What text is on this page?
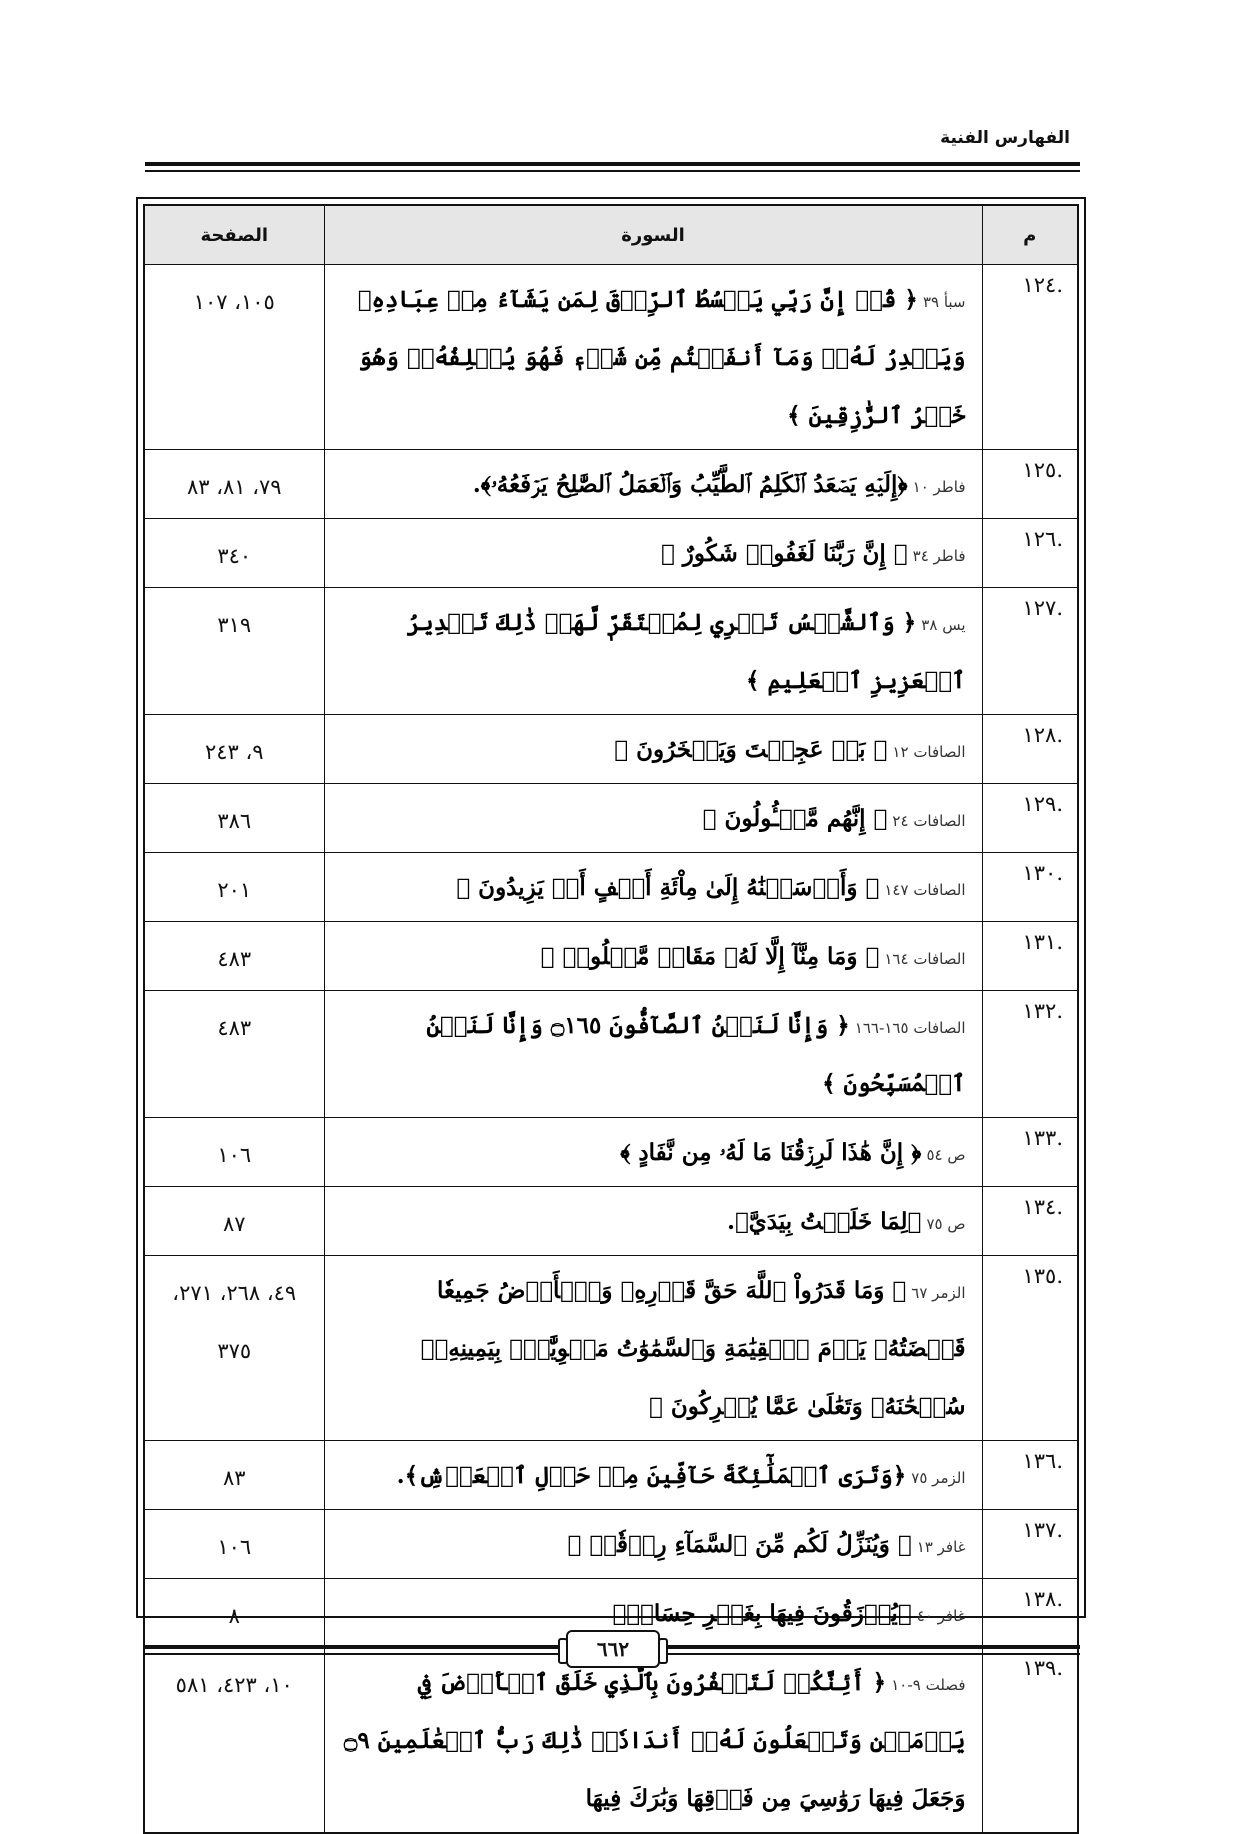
الفهارس الفنية
م	السورة	الصفحة
.١٢٤	سبأ ٣٩ ﴿ قُلۡ إِنَّ رَبِّي يَبۡسُطُ ٱلرِّزۡقَ لِمَن يَشَآءُ مِنۡ عِبَادِهِۦ وَيَقۡدِرُ لَهُۥۚ وَمَآ أَنفَقۡتُم مِّن شَيۡءٖ فَهُوَ يُخۡلِفُهُۥۖ وَهُوَ خَيۡرُ ٱلرَّٰزِقِينَ ﴾	١٠٥، ١٠٧
.١٢٥	فاطر ١٠ ﴿إِلَيۡهِ يَصۡعَدُ ٱلۡكَلِمُ ٱلطَّيِّبُ وَٱلۡعَمَلُ ٱلصَّٰلِحُ يَرۡفَعُهُۥ﴾.	٧٩، ٨١، ٨٣
.١٢٦	فاطر ٣٤ ﴿ إِنَّ رَبَّنَا لَغَفُورٞ شَكُورٌ ﴾	٣٤٠
.١٢٧	يس ٣٨ ﴿ وَٱلشَّمۡسُ تَجۡرِي لِمُسۡتَقَرّٖ لَّهَاۚ ذَٰلِكَ تَقۡدِيرُ ٱلۡعَزِيزِ ٱلۡعَلِيمِ ﴾	٣١٩
.١٢٨	الصافات ١٢ ﴿ بَلۡ عَجِبۡتَ وَيَسۡخَرُونَ ﴾	٩، ٢٤٣
.١٢٩	الصافات ٢٤ ﴿ إِنَّهُم مَّسۡـُٔولُونَ ﴾	٣٨٦
.١٣٠	الصافات ١٤٧ ﴿ وَأَرۡسَلۡنَٰهُ إِلَىٰ مِاْئَةِ أَلۡفٍ أَوۡ يَزِيدُونَ ﴾	٢٠١
.١٣١	الصافات ١٦٤ ﴿ وَمَا مِنَّآ إِلَّا لَهُۥ مَقَامٞ مَّعۡلُومٞ ﴾	٤٨٣
.١٣٢	الصافات ١٦٥-١٦٦ ﴿ وَإِنَّا لَنَحۡنُ ٱلصَّآفُّونَ ۝١٦٥ وَإِنَّا لَنَحۡنُ ٱلۡمُسَبِّحُونَ ﴾	٤٨٣
.١٣٣	ص ٥٤ ﴿ إِنَّ هَٰذَا لَرِزۡقُنَا مَا لَهُۥ مِن نَّفَادٍ ﴾	١٠٦
.١٣٤	ص ٧٥ ﴿لِمَا خَلَقۡتُ بِيَدَيَّ﴾.	٨٧
.١٣٥	الزمر ٦٧ ﴿ وَمَا قَدَرُواْ ٱللَّهَ حَقَّ قَدۡرِهِۦ وَٱلۡأَرۡضُ جَمِيعٗا قَبۡضَتُهُۥ يَوۡمَ ٱلۡقِيَٰمَةِ وَٱلسَّمَٰوَٰتُ مَطۡوِيَّٰتُۢ بِيَمِينِهِۦۚ سُبۡحَٰنَهُۥ وَتَعَٰلَىٰ عَمَّا يُشۡرِكُونَ ﴾	٤٩، ٢٦٨، ٢٧١، ٣٧٥
.١٣٦	الزمر ٧٥ ﴿وَتَرَى ٱلۡمَلَٰٓئِكَةَ حَآفِّينَ مِنۡ حَوۡلِ ٱلۡعَرۡشِ﴾.	٨٣
.١٣٧	غافر ١٣ ﴿ وَيُنَزِّلُ لَكُم مِّنَ ٱلسَّمَآءِ رِزۡقٗاۚ ﴾	١٠٦
.١٣٨	غافر ٤٠ ﴿يُرۡزَقُونَ فِيهَا بِغَيۡرِ حِسَابٖ﴾	٨
.١٣٩	فصلت ٩-١٠ ﴿ أَئِنَّكُمۡ لَتَكۡفُرُونَ بِٱلَّذِي خَلَقَ ٱلۡأَرۡضَ فِي يَوۡمَيۡنِ وَتَجۡعَلُونَ لَهُۥٓ أَندَادٗاۚ ذَٰلِكَ رَبُّ ٱلۡعَٰلَمِينَ ۝٩ وَجَعَلَ فِيهَا رَوَٰسِيَ مِن فَوۡقِهَا وَبَٰرَكَ فِيهَا	١٠، ٤٢٣، ٥٨١
٦٦٢
